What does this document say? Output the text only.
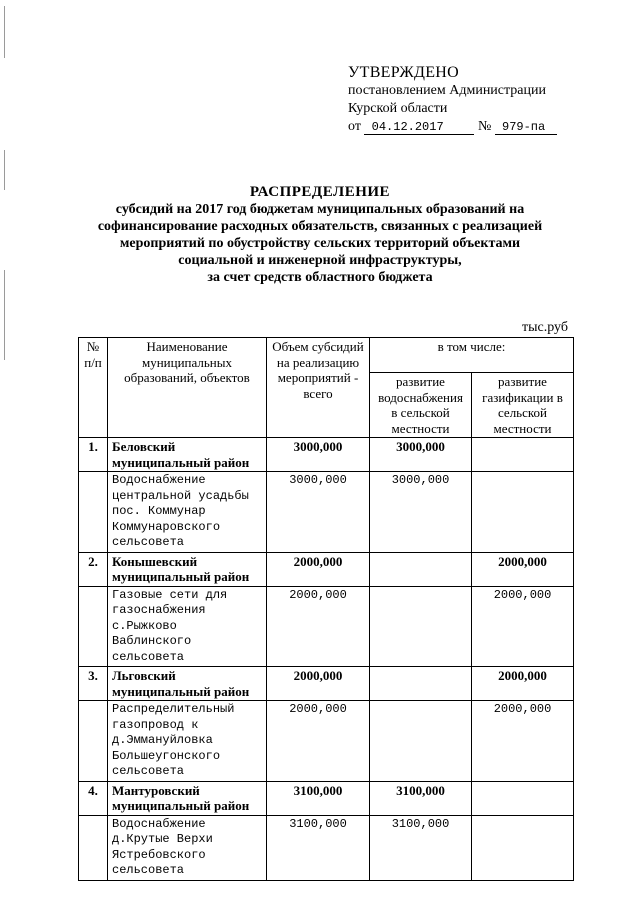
УТВЕРЖДЕНО
постановлением Администрации
Курской области
от 04.12.2017 № 979-па
РАСПРЕДЕЛЕНИЕ
субсидий на 2017 год бюджетам муниципальных образований на
софинансирование расходных обязательств, связанных с реализацией
мероприятий по обустройству сельских территорий объектами
социальной и инженерной инфраструктуры,
за счет средств областного бюджета
тыс.руб
№ п/п	Наименование муниципальных образований, объектов	Объем субсидий на реализацию мероприятий - всего	в том числе:	
			развитие водоснабжения в сельской местности	развитие газификации в сельской местности
1.	Беловский муниципальный район	3000,000	3000,000	
	Водоснабжение центральной усадьбы пос. Коммунар Коммунаровского сельсовета	3000,000	3000,000	
2.	Конышевский муниципальный район	2000,000		2000,000
	Газовые сети для газоснабжения с.Рыжково Ваблинского сельсовета	2000,000		2000,000
3.	Льговский муниципальный район	2000,000		2000,000
	Распределительный газопровод к д.Эммануйловка Большеугонского сельсовета	2000,000		2000,000
4.	Мантуровский муниципальный район	3100,000	3100,000	
	Водоснабжение д.Крутые Верхи Ястребовского сельсовета	3100,000	3100,000	
